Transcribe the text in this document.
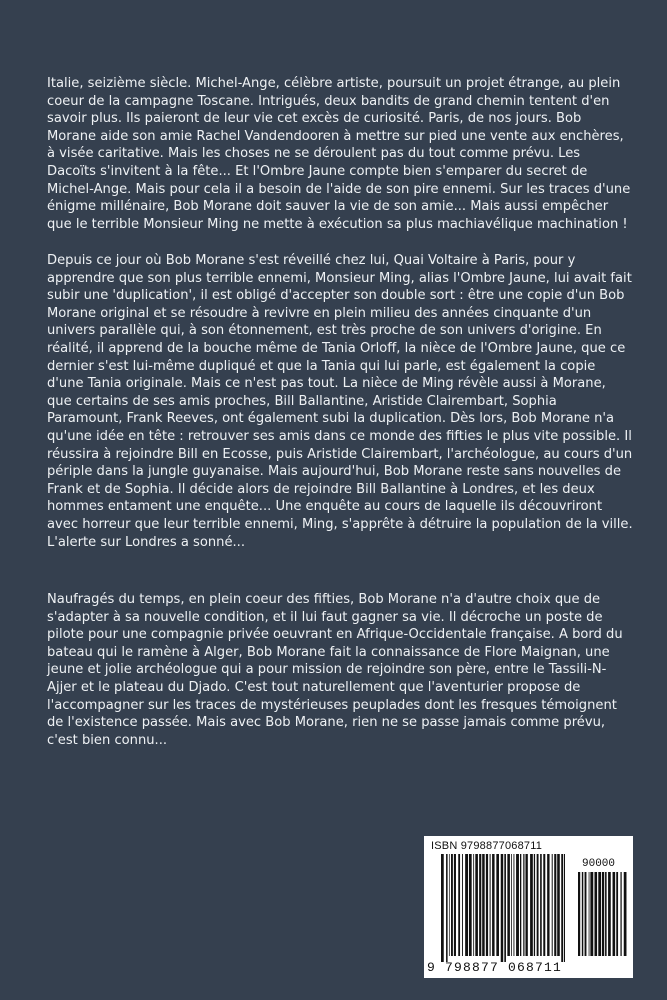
Italie, seizième siècle. Michel-Ange, célèbre artiste, poursuit un projet étrange, au plein coeur de la campagne Toscane. Intrigués, deux bandits de grand chemin tentent d'en savoir plus. Ils paieront de leur vie cet excès de curiosité. Paris, de nos jours. Bob Morane aide son amie Rachel Vandendooren à mettre sur pied une vente aux enchères, à visée caritative. Mais les choses ne se déroulent pas du tout comme prévu. Les Dacoïts s'invitent à la fête... Et l'Ombre Jaune compte bien s'emparer du secret de Michel-Ange. Mais pour cela il a besoin de l'aide de son pire ennemi. Sur les traces d'une énigme millénaire, Bob Morane doit sauver la vie de son amie... Mais aussi empêcher que le terrible Monsieur Ming ne mette à exécution sa plus machiavélique machination !

Depuis ce jour où Bob Morane s'est réveillé chez lui, Quai Voltaire à Paris, pour y apprendre que son plus terrible ennemi, Monsieur Ming, alias l'Ombre Jaune, lui avait fait subir une 'duplication', il est obligé d'accepter son double sort : être une copie d'un Bob Morane original et se résoudre à revivre en plein milieu des années cinquante d'un univers parallèle qui, à son étonnement, est très proche de son univers d'origine. En réalité, il apprend de la bouche même de Tania Orloff, la nièce de l'Ombre Jaune, que ce dernier s'est lui-même dupliqué et que la Tania qui lui parle, est également la copie d'une Tania originale. Mais ce n'est pas tout. La nièce de Ming révèle aussi à Morane, que certains de ses amis proches, Bill Ballantine, Aristide Clairembart, Sophia Paramount, Frank Reeves, ont également subi la duplication. Dès lors, Bob Morane n'a qu'une idée en tête : retrouver ses amis dans ce monde des fifties le plus vite possible. Il réussira à rejoindre Bill en Ecosse, puis Aristide Clairembart, l'archéologue, au cours d'un périple dans la jungle guyanaise. Mais aujourd'hui, Bob Morane reste sans nouvelles de Frank et de Sophia. Il décide alors de rejoindre Bill Ballantine à Londres, et les deux hommes entament une enquête... Une enquête au cours de laquelle ils découvriront avec horreur que leur terrible ennemi, Ming, s'apprête à détruire la population de la ville. L'alerte sur Londres a sonné...

Naufragés du temps, en plein coeur des fifties, Bob Morane n'a d'autre choix que de s'adapter à sa nouvelle condition, et il lui faut gagner sa vie. Il décroche un poste de pilote pour une compagnie privée oeuvrant en Afrique-Occidentale française. A bord du bateau qui le ramène à Alger, Bob Morane fait la connaissance de Flore Maignan, une jeune et jolie archéologue qui a pour mission de rejoindre son père, entre le Tassili-N-Ajjer et le plateau du Djado. C'est tout naturellement que l'aventurier propose de l'accompagner sur les traces de mystérieuses peuplades dont les fresques témoignent de l'existence passée. Mais avec Bob Morane, rien ne se passe jamais comme prévu, c'est bien connu...

ISBN 9798877068711
90000
9 798877 068711
